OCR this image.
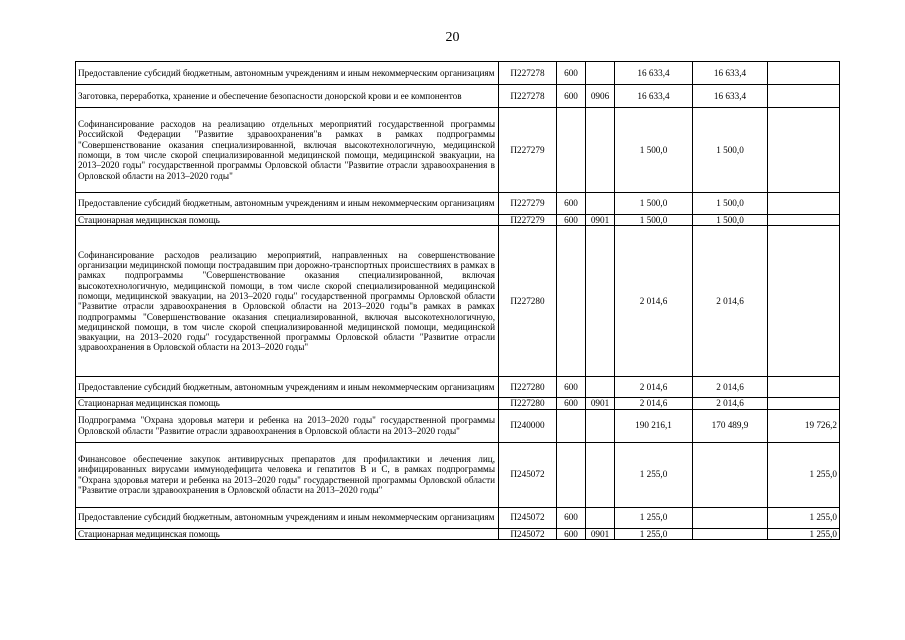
20
Предоставление субсидий бюджетным, автономным учреждениям и иным некоммерческим организациям	П227278	600		16 633,4	16 633,4	
Заготовка, переработка, хранение и обеспечение безопасности донорской крови и ее компонентов	П227278	600	0906	16 633,4	16 633,4	
Софинансирование расходов на реализацию отдельных мероприятий государственной программы Российской Федерации "Развитие здравоохранения"в рамках в рамках подпрограммы "Совершенствование оказания специализированной, включая высокотехнологичную, медицинской помощи, в том числе скорой специализированной медицинской помощи, медицинской эвакуации, на 2013–2020 годы" государственной программы Орловской области "Развитие отрасли здравоохранения в Орловской области на 2013–2020 годы"	П227279			1 500,0	1 500,0	
Предоставление субсидий бюджетным, автономным учреждениям и иным некоммерческим организациям	П227279	600		1 500,0	1 500,0	
Стационарная медицинская помощь	П227279	600	0901	1 500,0	1 500,0	
Софинансирование расходов реализацию мероприятий, направленных на совершенствование организации медицинской помощи пострадавшим при дорожно-транспортных происшествиях в рамках в рамках подпрограммы "Совершенствование оказания специализированной, включая высокотехнологичную, медицинской помощи, в том числе скорой специализированной медицинской помощи, медицинской эвакуации, на 2013–2020 годы" государственной программы Орловской области "Развитие отрасли здравоохранения в Орловской области на 2013–2020 годы"в рамках в рамках подпрограммы "Совершенствование оказания специализированной, включая высокотехнологичную, медицинской помощи, в том числе скорой специализированной медицинской помощи, медицинской эвакуации, на 2013–2020 годы" государственной программы Орловской области "Развитие отрасли здравоохранения в Орловской области на 2013–2020 годы"	П227280			2 014,6	2 014,6	
Предоставление субсидий бюджетным, автономным учреждениям и иным некоммерческим организациям	П227280	600		2 014,6	2 014,6	
Стационарная медицинская помощь	П227280	600	0901	2 014,6	2 014,6	
Подпрограмма "Охрана здоровья матери и ребенка на 2013–2020 годы" государственной программы Орловской области "Развитие отрасли здравоохранения в Орловской области на 2013–2020 годы"	П240000			190 216,1	170 489,9	19 726,2
Финансовое обеспечение закупок антивирусных препаратов для профилактики и лечения лиц, инфицированных вирусами иммунодефицита человека и гепатитов В и С, в рамках подпрограммы "Охрана здоровья матери и ребенка на 2013–2020 годы" государственной программы Орловской области "Развитие отрасли здравоохранения в Орловской области на 2013–2020 годы"	П245072			1 255,0		1 255,0
Предоставление субсидий бюджетным, автономным учреждениям и иным некоммерческим организациям	П245072	600		1 255,0		1 255,0
Стационарная медицинская помощь	П245072	600	0901	1 255,0		1 255,0
